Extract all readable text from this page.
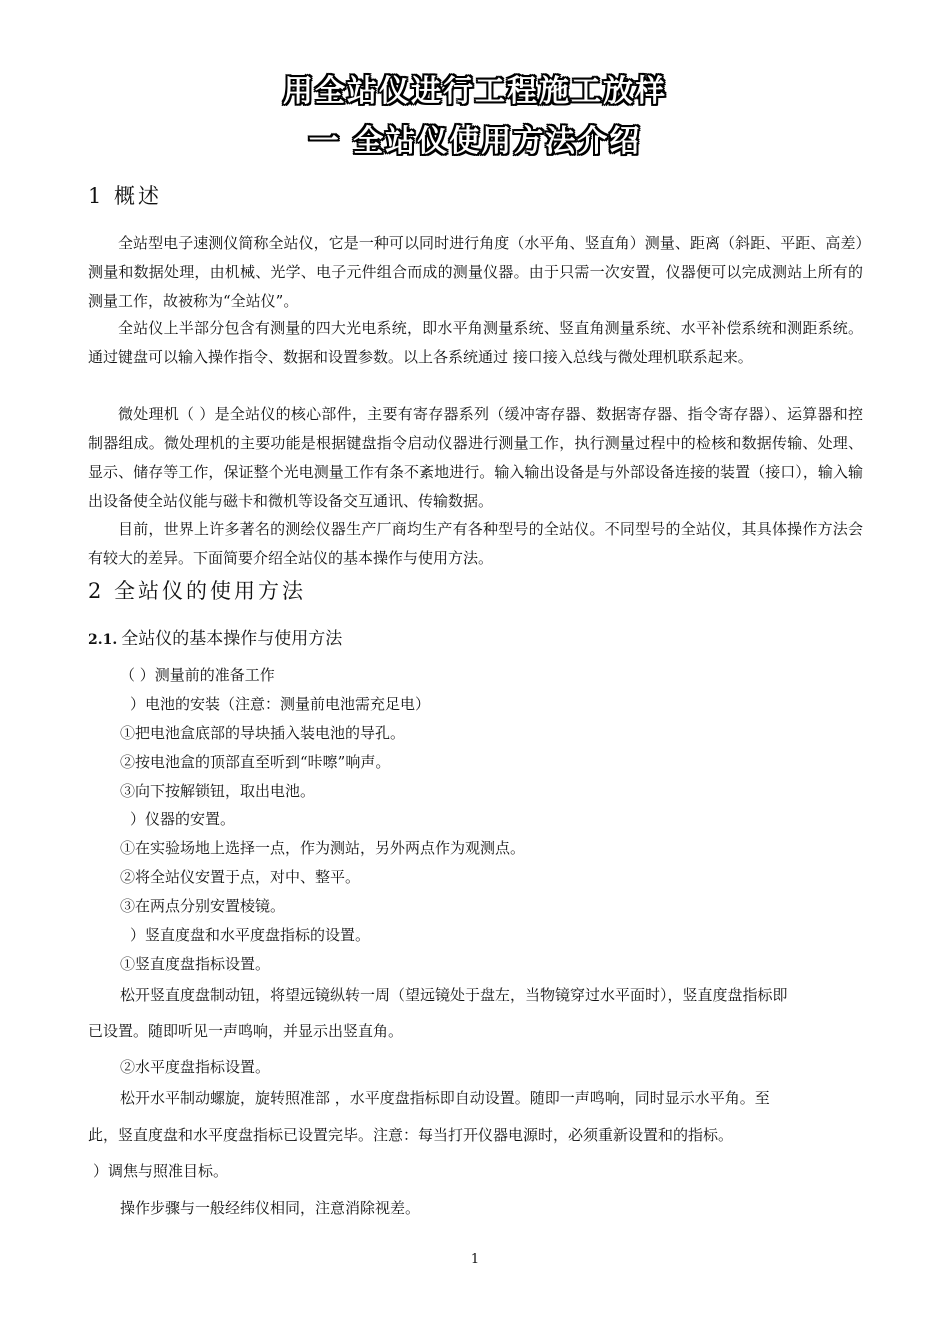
用全站仪进行工程施工放样
一 全站仪使用方法介绍
1 概述

全站型电子速测仪简称全站仪，它是一种可以同时进行角度（水平角、竖直角）测量、距离（斜距、平距、高差）测量和数据处理，由机械、光学、电子元件组合而成的测量仪器。由于只需一次安置，仪器便可以完成测站上所有的测量工作，故被称为“全站仪”。

全站仪上半部分包含有测量的四大光电系统，即水平角测量系统、竖直角测量系统、水平补偿系统和测距系统。通过键盘可以输入操作指令、数据和设置参数。以上各系统通过 接口接入总线与微处理机联系起来。

微处理机（ ）是全站仪的核心部件，主要有寄存器系列（缓冲寄存器、数据寄存器、指令寄存器）、运算器和控制器组成。微处理机的主要功能是根据键盘指令启动仪器进行测量工作，执行测量过程中的检核和数据传输、处理、显示、储存等工作，保证整个光电测量工作有条不紊地进行。输入输出设备是与外部设备连接的装置（接口），输入输出设备使全站仪能与磁卡和微机等设备交互通讯、传输数据。

目前，世界上许多著名的测绘仪器生产厂商均生产有各种型号的全站仪。不同型号的全站仪，其具体操作方法会有较大的差异。下面简要介绍全站仪的基本操作与使用方法。

2 全站仪的使用方法
2.1. 全站仪的基本操作与使用方法
（ ）测量前的准备工作
）电池的安装（注意：测量前电池需充足电）
①把电池盒底部的导块插入装电池的导孔。
②按电池盒的顶部直至听到“咔嚓”响声。
③向下按解锁钮，取出电池。
）仪器的安置。
①在实验场地上选择一点，作为测站，另外两点作为观测点。
②将全站仪安置于点，对中、整平。
③在两点分别安置棱镜。
）竖直度盘和水平度盘指标的设置。
①竖直度盘指标设置。
松开竖直度盘制动钮，将望远镜纵转一周（望远镜处于盘左，当物镜穿过水平面时），竖直度盘指标即
已设置。随即听见一声鸣响，并显示出竖直角。
②水平度盘指标设置。
松开水平制动螺旋，旋转照准部 ，水平度盘指标即自动设置。随即一声鸣响，同时显示水平角。至
此，竖直度盘和水平度盘指标已设置完毕。注意：每当打开仪器电源时，必须重新设置和的指标。
）调焦与照准目标。
操作步骤与一般经纬仪相同，注意消除视差。
1
